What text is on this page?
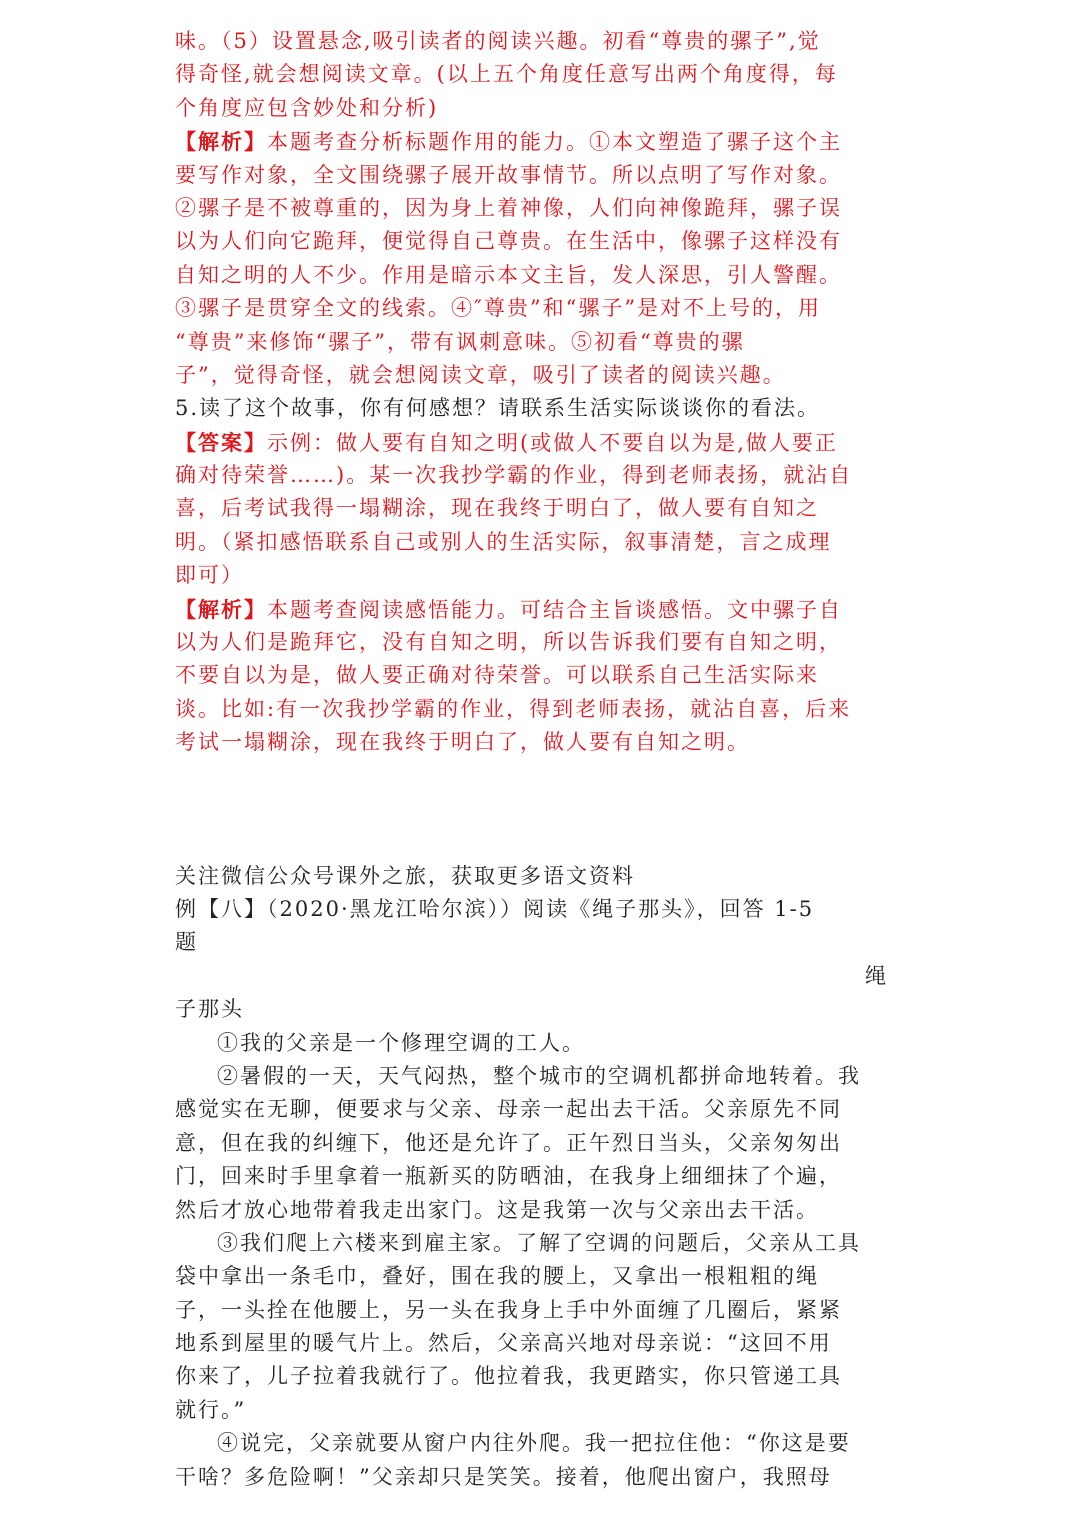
味。（5）设置悬念,吸引读者的阅读兴趣。初看“尊贵的骡子”,觉
得奇怪,就会想阅读文章。(以上五个角度任意写出两个角度得，每
个角度应包含妙处和分析)
【解析】本题考查分析标题作用的能力。①本文塑造了骡子这个主
要写作对象，全文围绕骡子展开故事情节。所以点明了写作对象。
②骡子是不被尊重的，因为身上着神像，人们向神像跪拜，骡子误
以为人们向它跪拜，便觉得自己尊贵。在生活中，像骡子这样没有
自知之明的人不少。作用是暗示本文主旨，发人深思，引人警醒。
③骡子是贯穿全文的线索。④″尊贵”和“骡子”是对不上号的，用
“尊贵”来修饰“骡子”，带有讽刺意味。⑤初看“尊贵的骡
子”，觉得奇怪，就会想阅读文章，吸引了读者的阅读兴趣。
5.读了这个故事，你有何感想？请联系生活实际谈谈你的看法。
【答案】示例：做人要有自知之明(或做人不要自以为是,做人要正
确对待荣誉……)。某一次我抄学霸的作业，得到老师表扬，就沾自
喜，后考试我得一塌糊涂，现在我终于明白了，做人要有自知之
明。（紧扣感悟联系自己或别人的生活实际，叙事清楚，言之成理
即可）
【解析】本题考查阅读感悟能力。可结合主旨谈感悟。文中骡子自
以为人们是跪拜它，没有自知之明，所以告诉我们要有自知之明，
不要自以为是，做人要正确对待荣誉。可以联系自己生活实际来
谈。比如:有一次我抄学霸的作业，得到老师表扬，就沾自喜，后来
考试一塌糊涂，现在我终于明白了，做人要有自知之明。
关注微信公众号课外之旅，获取更多语文资料
例【八】（2020·黑龙江哈尔滨））阅读《绳子那头》，回答 1-5
题
绳
子那头
①我的父亲是一个修理空调的工人。
②暑假的一天，天气闷热，整个城市的空调机都拼命地转着。我
感觉实在无聊，便要求与父亲、母亲一起出去干活。父亲原先不同
意，但在我的纠缠下，他还是允许了。正午烈日当头，父亲匆匆出
门，回来时手里拿着一瓶新买的防晒油，在我身上细细抹了个遍，
然后才放心地带着我走出家门。这是我第一次与父亲出去干活。
③我们爬上六楼来到雇主家。了解了空调的问题后，父亲从工具
袋中拿出一条毛巾，叠好，围在我的腰上，又拿出一根粗粗的绳
子，一头拴在他腰上，另一头在我身上手中外面缠了几圈后，紧紧
地系到屋里的暖气片上。然后，父亲高兴地对母亲说：“这回不用
你来了，儿子拉着我就行了。他拉着我，我更踏实，你只管递工具
就行。”
④说完，父亲就要从窗户内往外爬。我一把拉住他：“你这是要
干啥？多危险啊！”父亲却只是笑笑。接着，他爬出窗户，我照母
